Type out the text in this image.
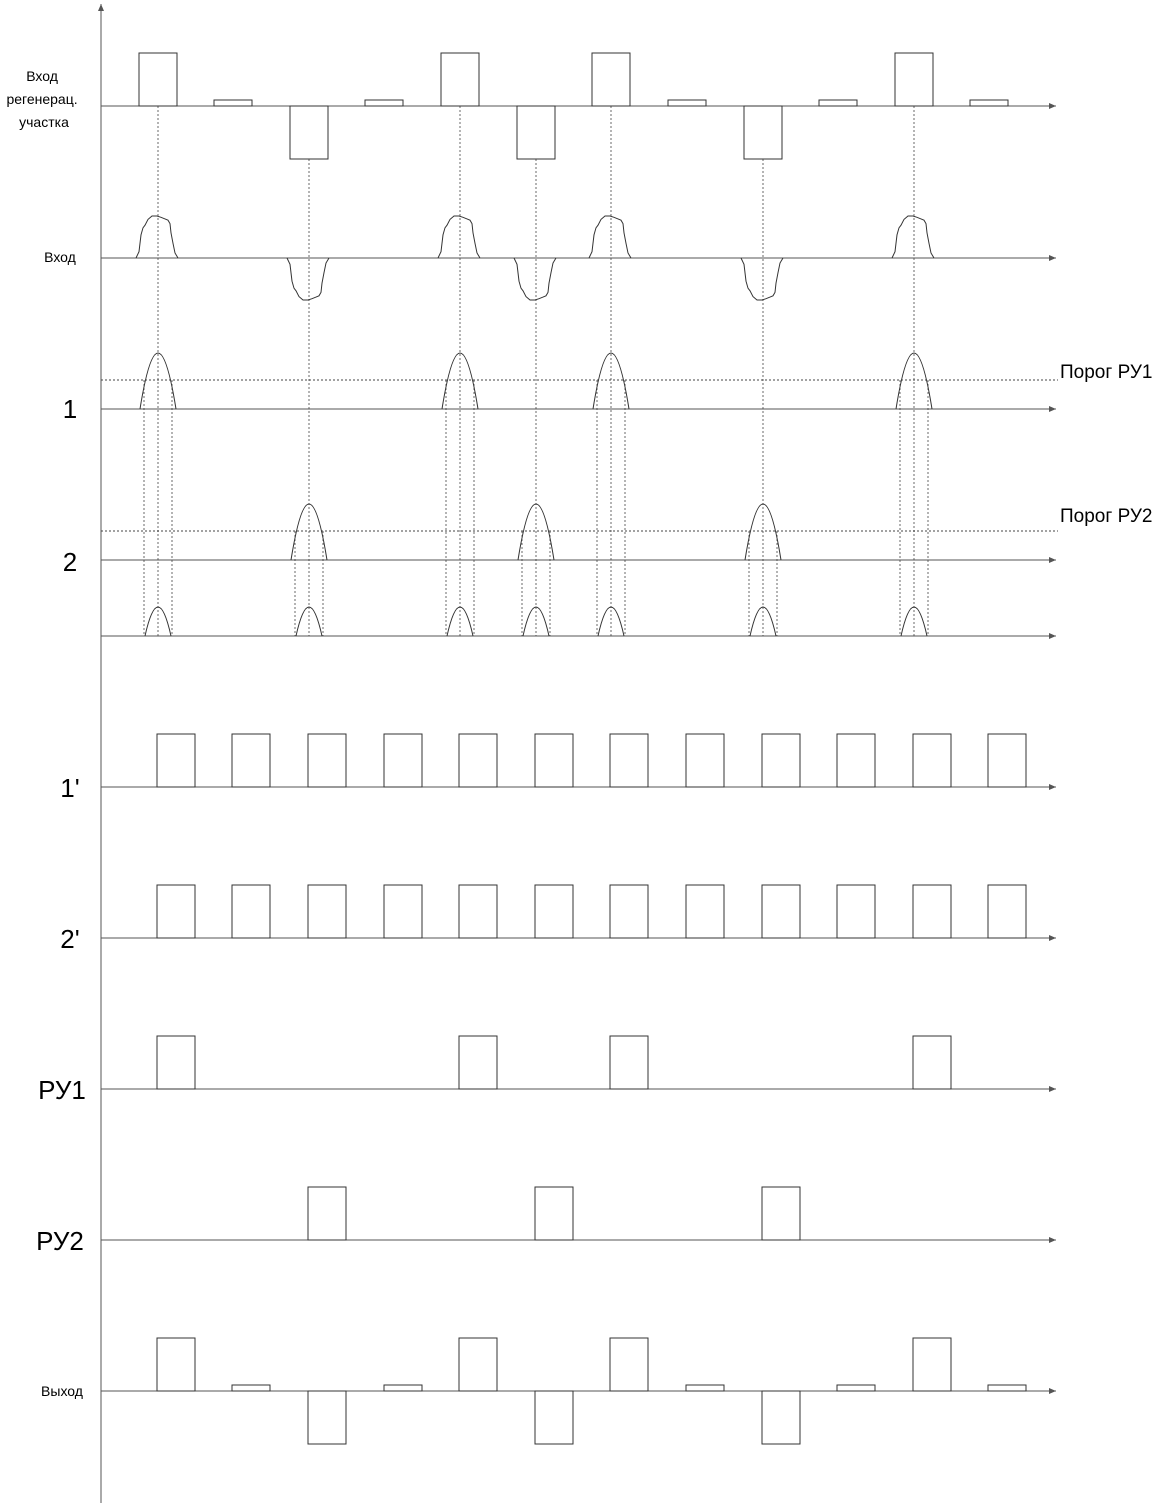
Вход регенерац. участка
Вход
1
2
1'
2'
РУ1
РУ2
Выход
Порог РУ1
Порог РУ2
